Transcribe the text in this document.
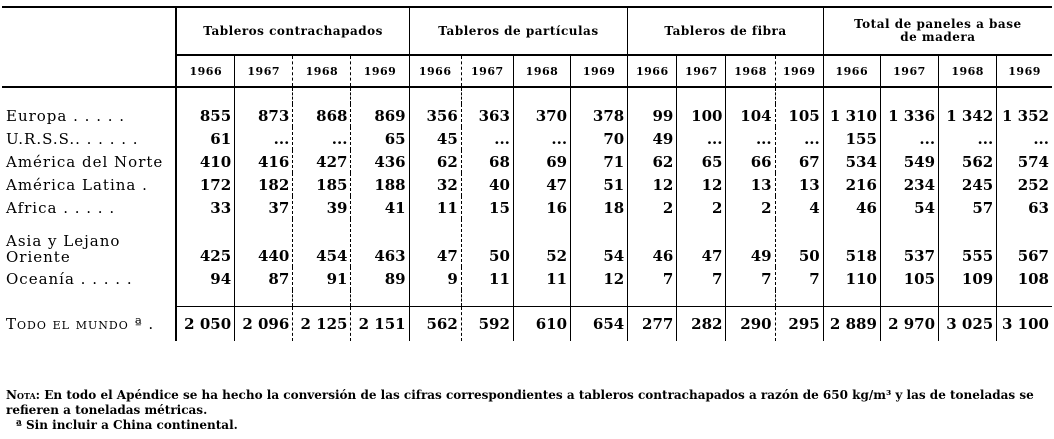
	Tableros contrachapados				Tableros de partículas				Tableros de fibra				Total de paneles a base de madera			
	1966	1967	1968	1969	1966	1967	1968	1969	1966	1967	1968	1969	1966	1967	1968	1969

Europa . . . . .	855	873	868	869	356	363	370	378	99	100	104	105	1 310	1 336	1 342	1 352
U.R.S.S.. . . . . .	61	...	...	65	45	...	...	70	49	...	...	...	155	...	...	...
América del Norte	410	416	427	436	62	68	69	71	62	65	66	67	534	549	562	574
América Latina .	172	182	185	188	32	40	47	51	12	12	13	13	216	234	245	252
Africa . . . . .	33	37	39	41	11	15	16	18	2	2	2	4	46	54	57	63
Asia y Lejano Oriente	425	440	454	463	47	50	52	54	46	47	49	50	518	537	555	567
Oceanía . . . . .	94	87	91	89	9	11	11	12	7	7	7	7	110	105	109	108

Todo el mundo ª .	2 050	2 096	2 125	2 151	562	592	610	654	277	282	290	295	2 889	2 970	3 025	3 100

Nota: En todo el Apéndice se ha hecho la conversión de las cifras correspondientes a tableros contrachapados a razón de 650 kg/m³ y las de toneladas se refieren a toneladas métricas.

ª Sin incluir a China continental.
